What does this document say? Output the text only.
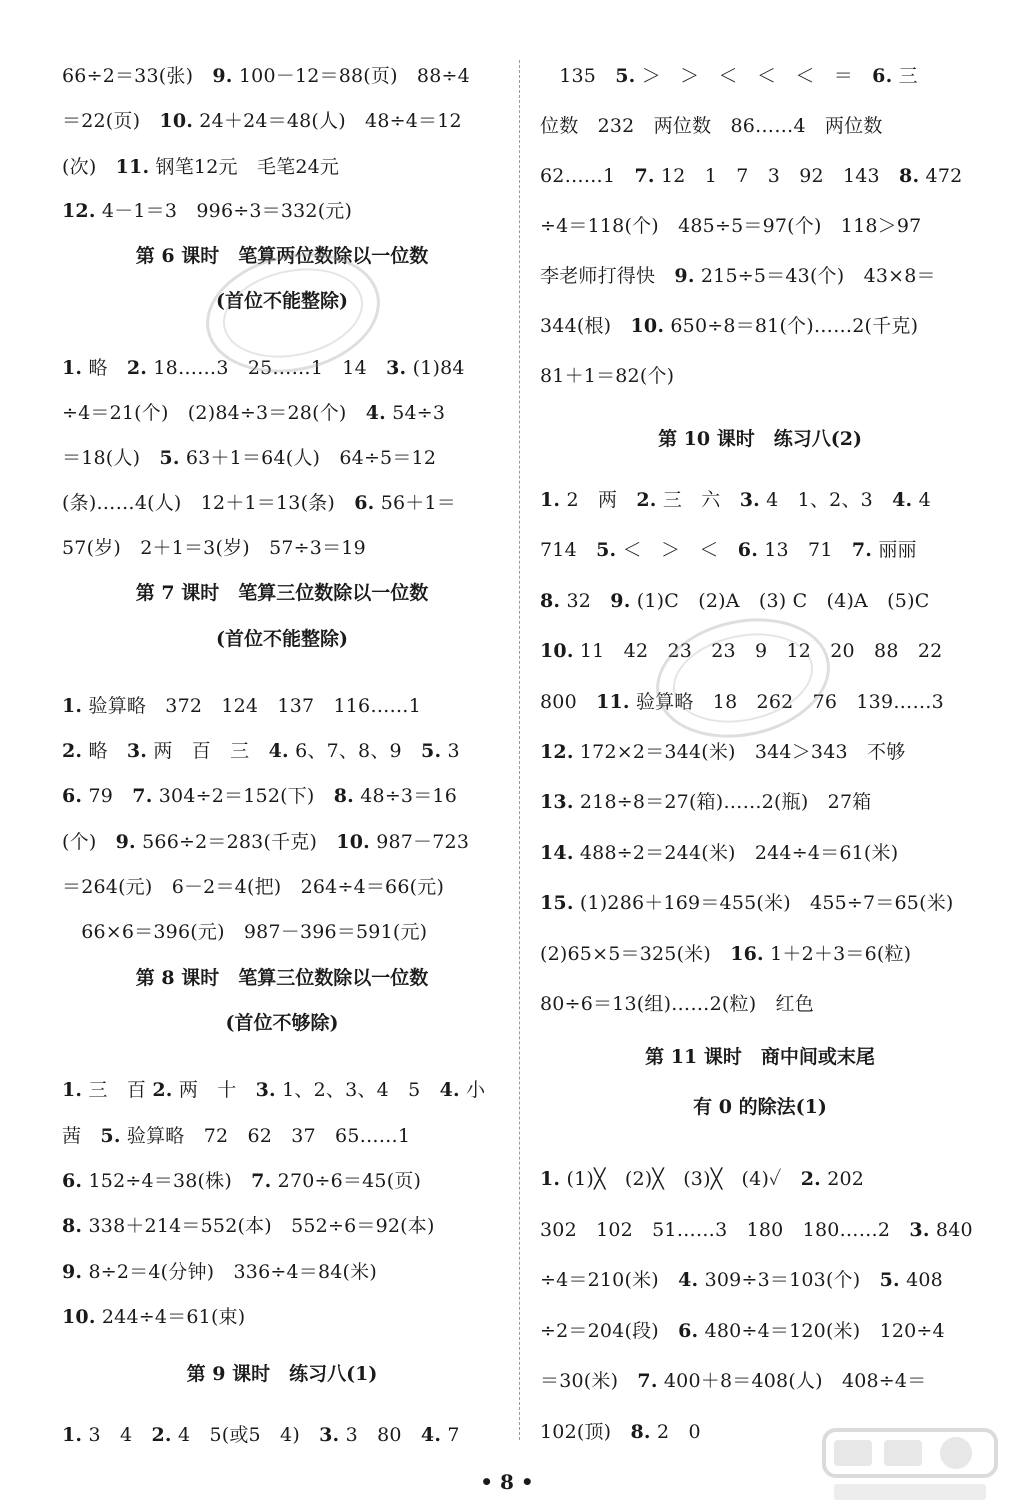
66÷2＝33(张)　9. 100－12＝88(页)　88÷4
＝22(页)　10. 24＋24＝48(人)　48÷4＝12
(次)　11. 钢笔12元　毛笔24元
12. 4－1＝3　996÷3＝332(元)
第 6 课时　笔算两位数除以一位数
(首位不能整除)
1. 略　2. 18……3　25……1　14　3. (1)84
÷4＝21(个)　(2)84÷3＝28(个)　4. 54÷3
＝18(人)　5. 63＋1＝64(人)　64÷5＝12
(条)……4(人)　12＋1＝13(条)　6. 56＋1＝
57(岁)　2＋1＝3(岁)　57÷3＝19
第 7 课时　笔算三位数除以一位数
(首位不能整除)
1. 验算略　372　124　137　116……1
2. 略　3. 两　百　三　4. 6、7、8、9　5. 3
6. 79　7. 304÷2＝152(下)　8. 48÷3＝16
(个)　9. 566÷2＝283(千克)　10. 987－723
＝264(元)　6－2＝4(把)　264÷4＝66(元)
　66×6＝396(元)　987－396＝591(元)
第 8 课时　笔算三位数除以一位数
(首位不够除)
1. 三　百 2. 两　十　3. 1、2、3、4　5　4. 小
茜　5. 验算略　72　62　37　65……1
6. 152÷4＝38(株)　7. 270÷6＝45(页)
8. 338＋214＝552(本)　552÷6＝92(本)
9. 8÷2＝4(分钟)　336÷4＝84(米)
10. 244÷4＝61(束)
第 9 课时　练习八(1)
1. 3　4　2. 4　5(或5　4)　3. 3　80　4. 7
　135　5. ＞　＞　＜　＜　＜　＝　6. 三
位数　232　两位数　86……4　两位数
62……1　7. 12　1　7　3　92　143　8. 472
÷4＝118(个)　485÷5＝97(个)　118＞97
李老师打得快　9. 215÷5＝43(个)　43×8＝
344(根)　10. 650÷8＝81(个)……2(千克)
81＋1＝82(个)
第 10 课时　练习八(2)
1. 2　两　2. 三　六　3. 4　1、2、3　4. 4
714　5. ＜　＞　＜　6. 13　71　7. 丽丽
8. 32　9. (1)C　(2)A　(3) C　(4)A　(5)C
10. 11　42　23　23　9　12　20　88　22
800　11. 验算略　18　262　76　139……3
12. 172×2＝344(米)　344＞343　不够
13. 218÷8＝27(箱)……2(瓶)　27箱
14. 488÷2＝244(米)　244÷4＝61(米)
15. (1)286＋169＝455(米)　455÷7＝65(米)
(2)65×5＝325(米)　16. 1＋2＋3＝6(粒)
80÷6＝13(组)……2(粒)　红色
第 11 课时　商中间或末尾
有 0 的除法(1)
1. (1)╳　(2)╳　(3)╳　(4)✓　2. 202
302　102　51……3　180　180……2　3. 840
÷4＝210(米)　4. 309÷3＝103(个)　5. 408
÷2＝204(段)　6. 480÷4＝120(米)　120÷4
＝30(米)　7. 400＋8＝408(人)　408÷4＝
102(顶)　8. 2　0
• 8 •
